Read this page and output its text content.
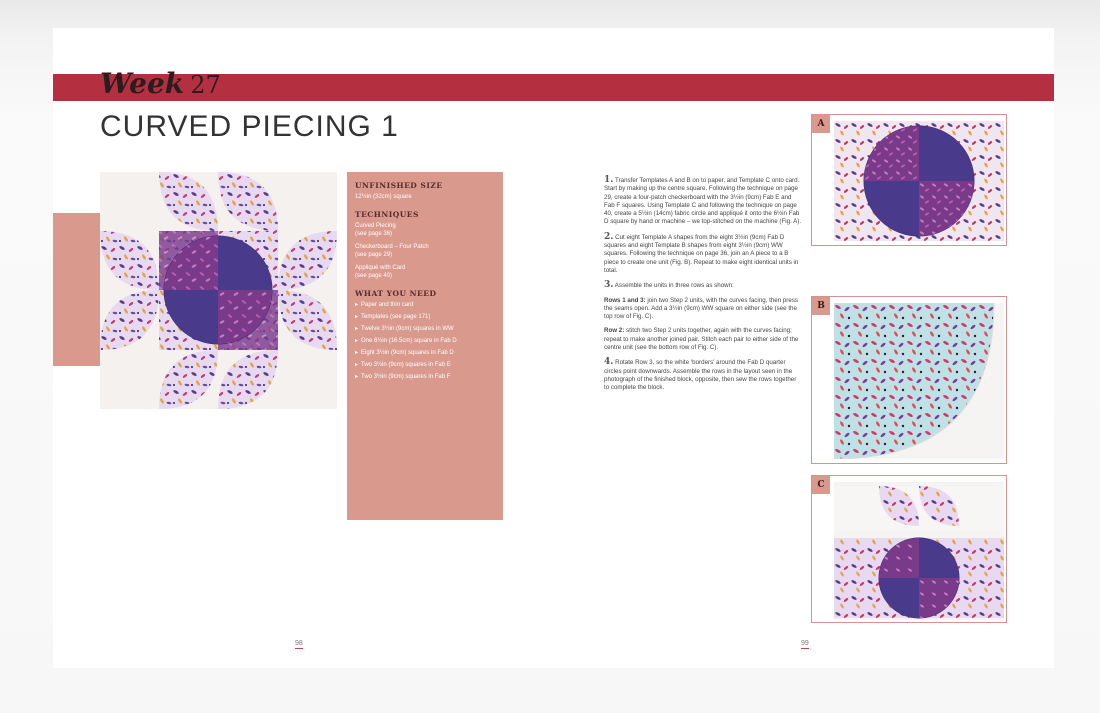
Week 27
CURVED PIECING 1
UNFINISHED SIZE
12½in (32cm) square
TECHNIQUES
Curved Piecing
(see page 36)
Checkerboard – Four Patch
(see page 29)
Appliqué with Card
(see page 40)
WHAT YOU NEED
▸ Paper and thin card
▸ Templates (see page 171)
▸ Twelve 3½in (9cm) squares in WW
▸ One 6½in (16.5cm) square in Fab D
▸ Eight 3½in (9cm) squares in Fab D
▸ Two 3½in (9cm) squares in Fab E
▸ Two 3½in (9cm) squares in Fab F
1. Transfer Templates A and B on to paper, and Template C onto card. Start by making up the centre square. Following the technique on page 29, create a four-patch checkerboard with the 3½in (9cm) Fab E and Fab F squares. Using Template C and following the technique on page 40, create a 5½in (14cm) fabric circle and appliqué it onto the 6½in Fab D square by hand or machine – we top-stitched on the machine (Fig. A).
2. Cut eight Template A shapes from the eight 3½in (9cm) Fab D squares and eight Template B shapes from eight 3½in (9cm) WW squares. Following the technique on page 36, join an A piece to a B piece to create one unit (Fig. B). Repeat to make eight identical units in total.
3. Assemble the units in three rows as shown:
Rows 1 and 3: join two Step 2 units, with the curves facing, then press the seams open. Add a 3½in (9cm) WW square on either side (see the top row of Fig. C).
Row 2: stitch two Step 2 units together, again with the curves facing; repeat to make another joined pair. Stitch each pair to either side of the centre unit (see the bottom row of Fig. C).
4. Rotate Row 3, so the white ‘borders’ around the Fab D quarter circles point downwards. Assemble the rows in the layout seen in the photograph of the finished block, opposite, then sew the rows together to complete the block.
A
B
C
98	99
